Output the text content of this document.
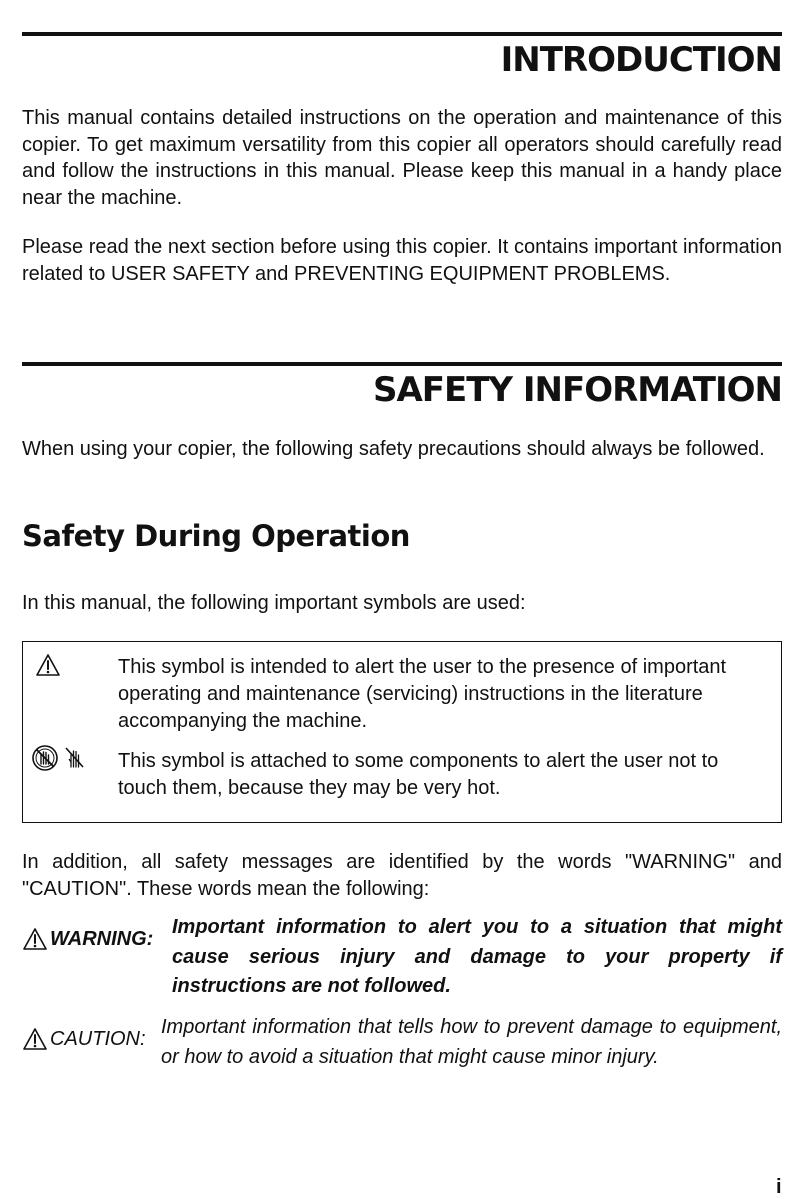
INTRODUCTION
This manual contains detailed instructions on the operation and maintenance of this copier. To get maximum versatility from this copier all operators should carefully read and follow the instructions in this manual. Please keep this manual in a handy place near the machine.
Please read the next section before using this copier. It contains important information related to USER SAFETY and PREVENTING EQUIPMENT PROBLEMS.
SAFETY INFORMATION
When using your copier, the following safety precautions should always be followed.
Safety During Operation
In this manual, the following important symbols are used:
This symbol is intended to alert the user to the presence of important operating and maintenance (servicing) instructions in the literature accompanying the machine.
This symbol is attached to some components to alert the user not to touch them, because they may be very hot.
In addition, all safety messages are identified by the words "WARNING" and "CAUTION". These words mean the following:
WARNING:
Important information to alert you to a situation that might cause serious injury and damage to your property if instructions are not followed.
CAUTION:
Important information that tells how to prevent damage to equipment, or how to avoid a situation that might cause minor injury.
i
